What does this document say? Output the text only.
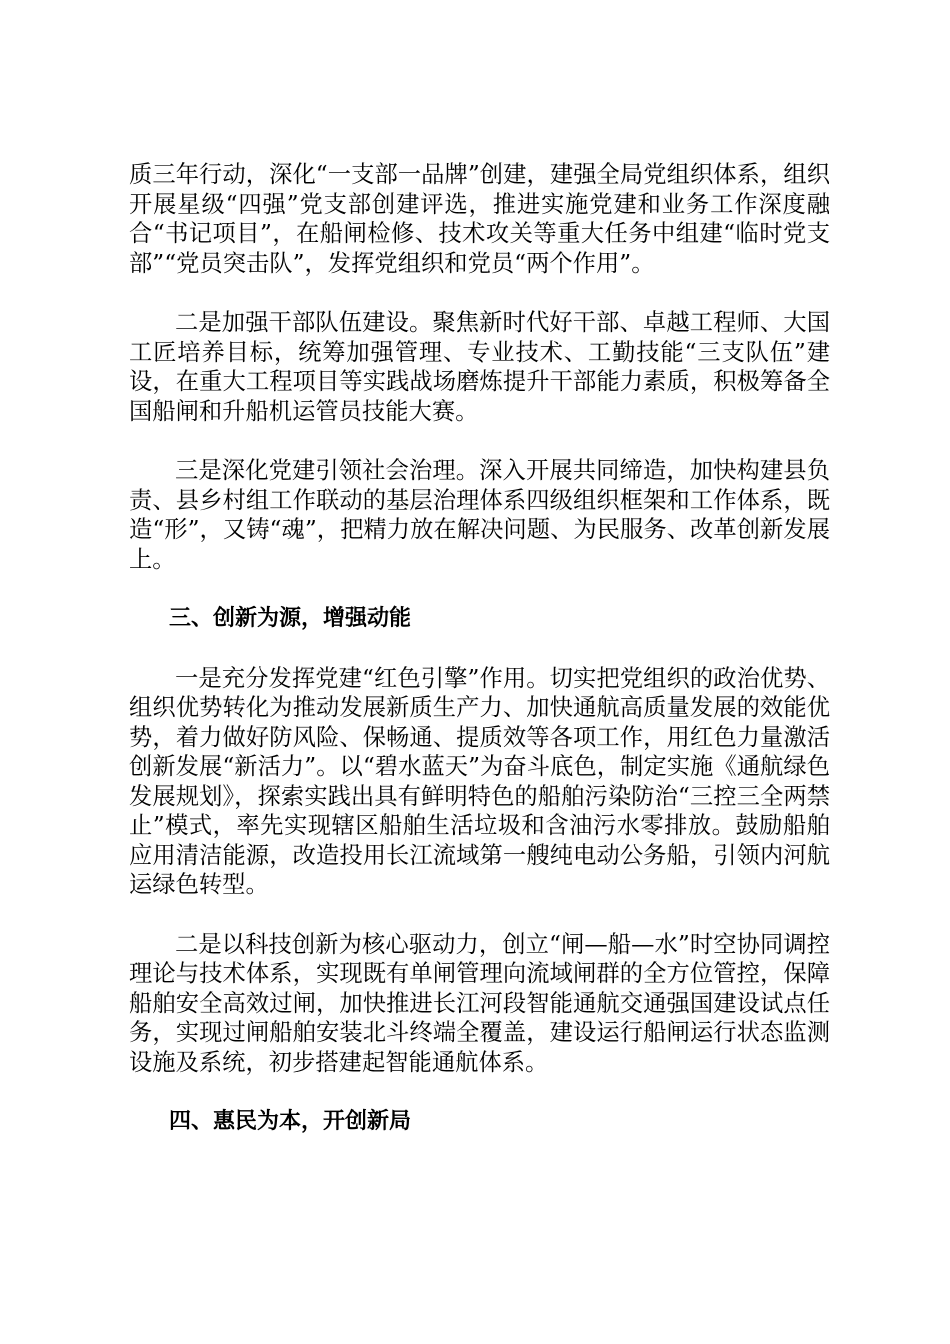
质三年行动，深化“一支部一品牌”创建，建强全局党组织体系，组织开展星级“四强”党支部创建评选，推进实施党建和业务工作深度融合“书记项目”，在船闸检修、技术攻关等重大任务中组建“临时党支部”“党员突击队”，发挥党组织和党员“两个作用”。

二是加强干部队伍建设。聚焦新时代好干部、卓越工程师、大国工匠培养目标，统筹加强管理、专业技术、工勤技能“三支队伍”建设，在重大工程项目等实践战场磨炼提升干部能力素质，积极筹备全国船闸和升船机运管员技能大赛。

三是深化党建引领社会治理。深入开展共同缔造，加快构建县负责、县乡村组工作联动的基层治理体系四级组织框架和工作体系，既造“形”，又铸“魂”，把精力放在解决问题、为民服务、改革创新发展上。

三、创新为源，增强动能

一是充分发挥党建“红色引擎”作用。切实把党组织的政治优势、组织优势转化为推动发展新质生产力、加快通航高质量发展的效能优势，着力做好防风险、保畅通、提质效等各项工作，用红色力量激活创新发展“新活力”。以“碧水蓝天”为奋斗底色，制定实施《通航绿色发展规划》，探索实践出具有鲜明特色的船舶污染防治“三控三全两禁止”模式，率先实现辖区船舶生活垃圾和含油污水零排放。鼓励船舶应用清洁能源，改造投用长江流域第一艘纯电动公务船，引领内河航运绿色转型。

二是以科技创新为核心驱动力，创立“闸—船—水”时空协同调控理论与技术体系，实现既有单闸管理向流域闸群的全方位管控，保障船舶安全高效过闸，加快推进长江河段智能通航交通强国建设试点任务，实现过闸船舶安装北斗终端全覆盖，建设运行船闸运行状态监测设施及系统，初步搭建起智能通航体系。

四、惠民为本，开创新局
